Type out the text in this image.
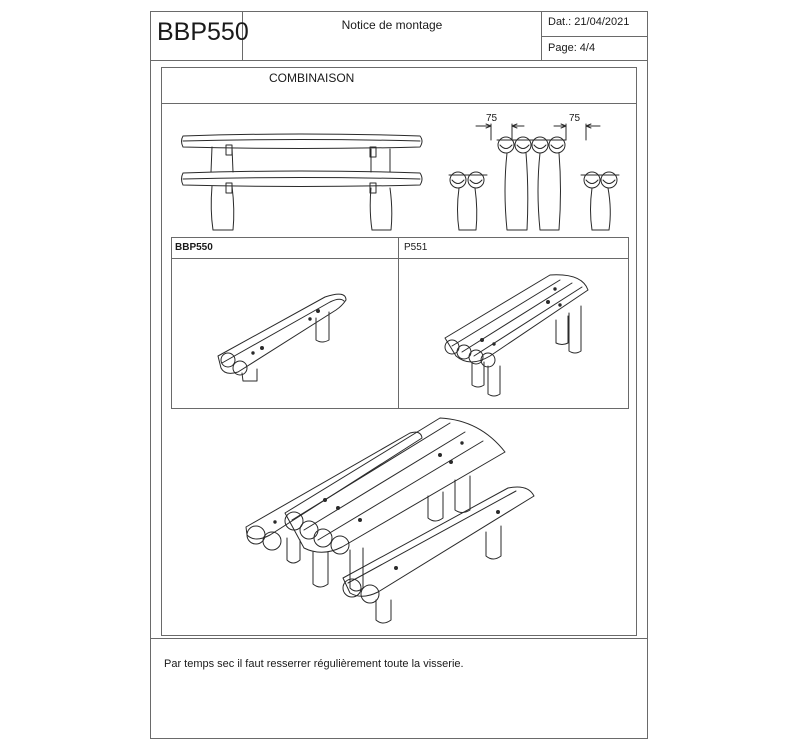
BBP550	Notice de montage	Dat.: 21/04/2021
Page: 4/4
COMBINAISON
BBP550	P551
75	75
Par temps sec il faut resserrer régulièrement toute la visserie.
